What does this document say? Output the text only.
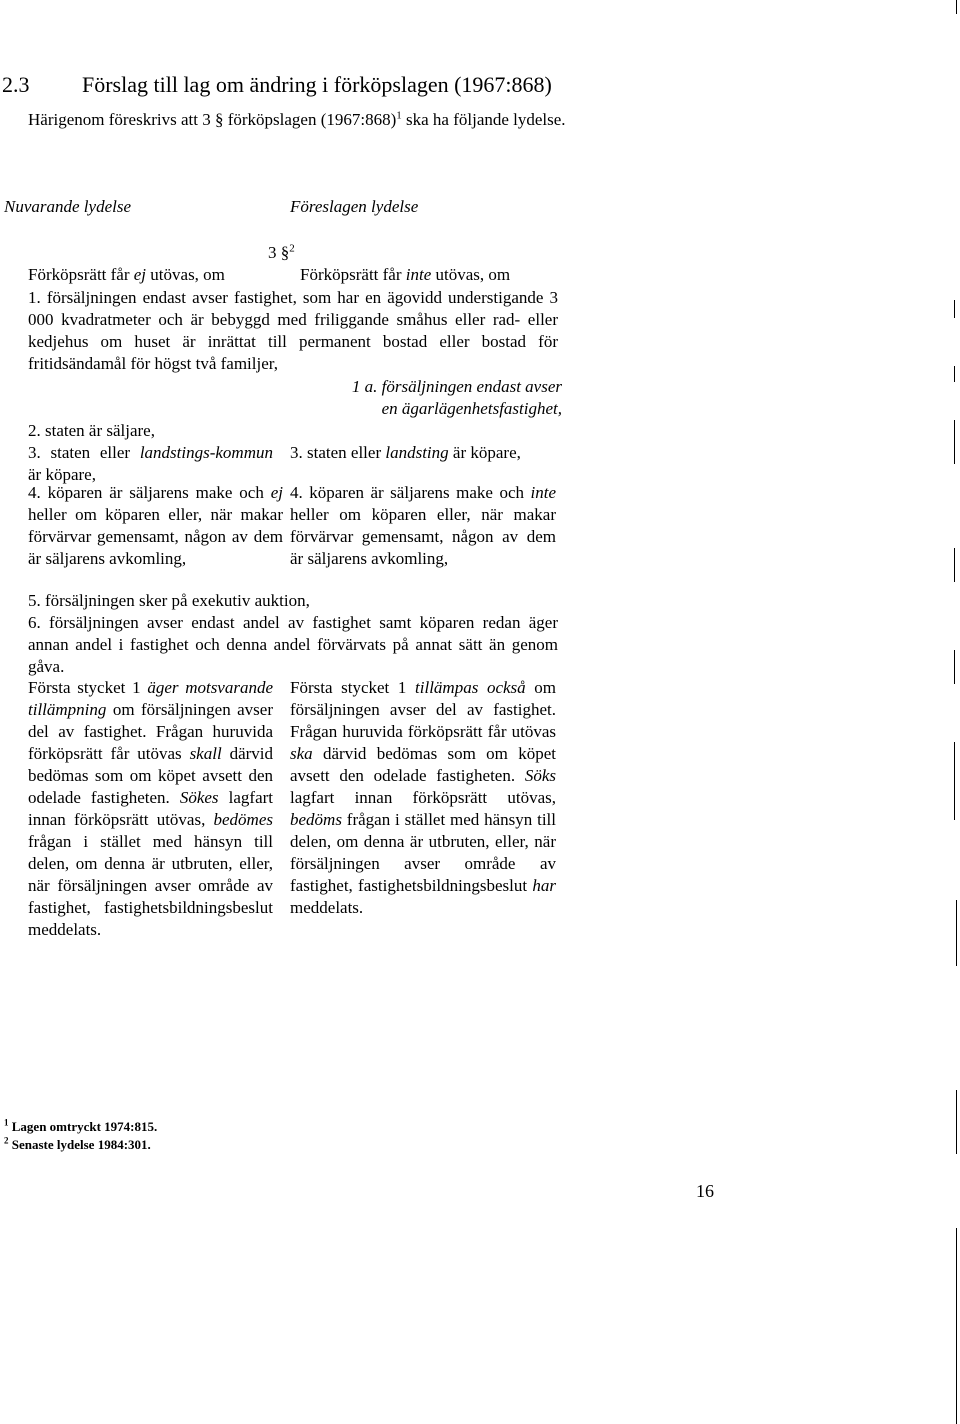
2.3 Förslag till lag om ändring i förköpslagen (1967:868)
Härigenom föreskrivs att 3 § förköpslagen (1967:868)$^1$ ska ha följande lydelse.
Nuvarande lydelse	Föreslagen lydelse
3 §$^2$
Förköpsrätt får ej utövas, om	Förköpsrätt får inte utövas, om
1. försäljningen endast avser fastighet, som har en ägovidd understigande 3 000 kvadratmeter och är bebyggd med friliggande småhus eller rad- eller kedjehus om huset är inrättat till permanent bostad eller bostad för fritidsändamål för högst två familjer,
1 a. försäljningen endast avser
en ägarlägenhetsfastighet,
2. staten är säljare,
3. staten eller landstings-kommun är köpare,
3. staten eller landsting är köpare,
4. köparen är säljarens make och ej heller om köparen eller, när makar förvärvar gemensamt, någon av dem är säljarens avkomling,
4. köparen är säljarens make och inte heller om köparen eller, när makar förvärvar gemensamt, någon av dem är säljarens avkomling,
5. försäljningen sker på exekutiv auktion,
6. försäljningen avser endast andel av fastighet samt köparen redan äger annan andel i fastighet och denna andel förvärvats på annat sätt än genom gåva.
Första stycket 1 äger motsvarande tillämpning om försäljningen avser del av fastighet. Frågan huruvida förköpsrätt får utövas skall därvid bedömas som om köpet avsett den odelade fastigheten. Sökes lagfart innan förköpsrätt utövas, bedömes frågan i stället med hänsyn till delen, om denna är utbruten, eller, när försäljningen avser område av fastighet, fastighetsbildningsbeslut meddelats.
Första stycket 1 tillämpas också om försäljningen avser del av fastighet. Frågan huruvida förköpsrätt får utövas ska därvid bedömas som om köpet avsett den odelade fastigheten. Söks lagfart innan förköpsrätt utövas, bedöms frågan i stället med hänsyn till delen, om denna är utbruten, eller, när försäljningen avser område av fastighet, fastighetsbildningsbeslut har meddelats.
$^1$ Lagen omtryckt 1974:815.
$^2$ Senaste lydelse 1984:301.
16
